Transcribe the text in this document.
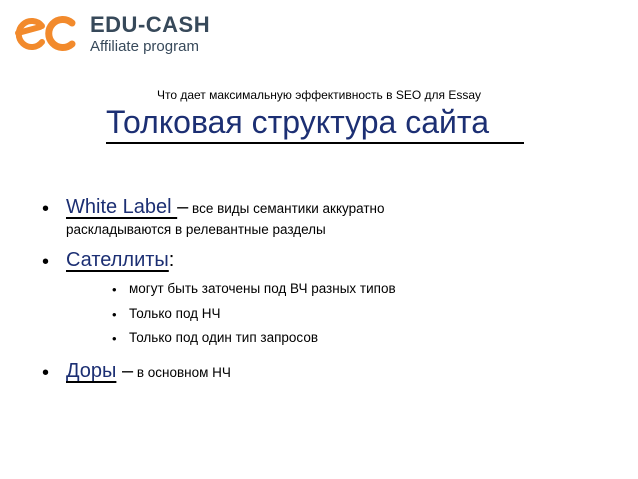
EDU-CASH
Affiliate program
Что дает максимальную эффективность в SEO для Essay
Толковая структура сайта
• White Label – все виды семантики аккуратно
раскладываются в релевантные разделы
• Сателлиты:
• могут быть заточены под ВЧ разных типов
• Только под НЧ
• Только под один тип запросов
• Доры – в основном НЧ
